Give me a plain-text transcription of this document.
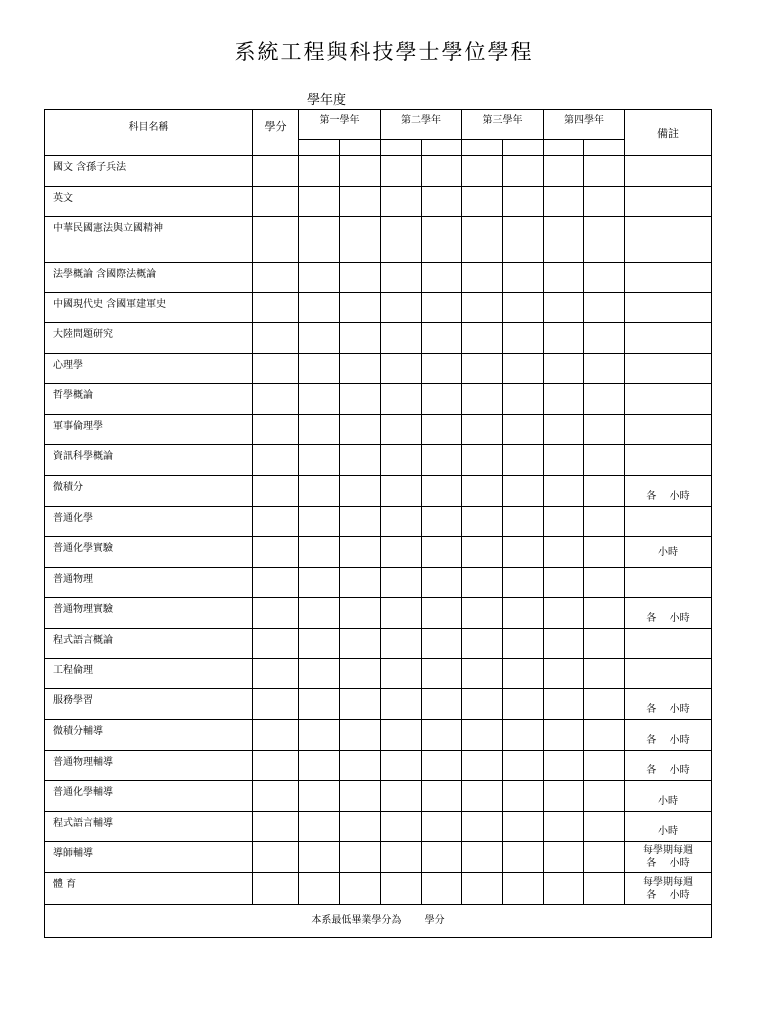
系統工程與科技學士學位學程
學年度
科目名稱	學分	第一學年		第二學年		第三學年		第四學年		備註

國文 含孫子兵法										
英文										
中華民國憲法與立國精神										
法學概論 含國際法概論										
中國現代史 含國軍建軍史										
大陸問題研究										
心理學										
哲學概論										
軍事倫理學										
資訊科學概論										
微積分										各　 小時
普通化學										
普通化學實驗										小時
普通物理										
普通物理實驗										各　 小時
程式語言概論										
工程倫理										
服務學習										各　 小時
微積分輔導										各　 小時
普通物理輔導										各　 小時
普通化學輔導										小時
程式語言輔導										小時
導師輔導										每學期每週
各　 小時

體 育										每學期每週
各　 小時

本系最低畢業學分為　　 學分										
